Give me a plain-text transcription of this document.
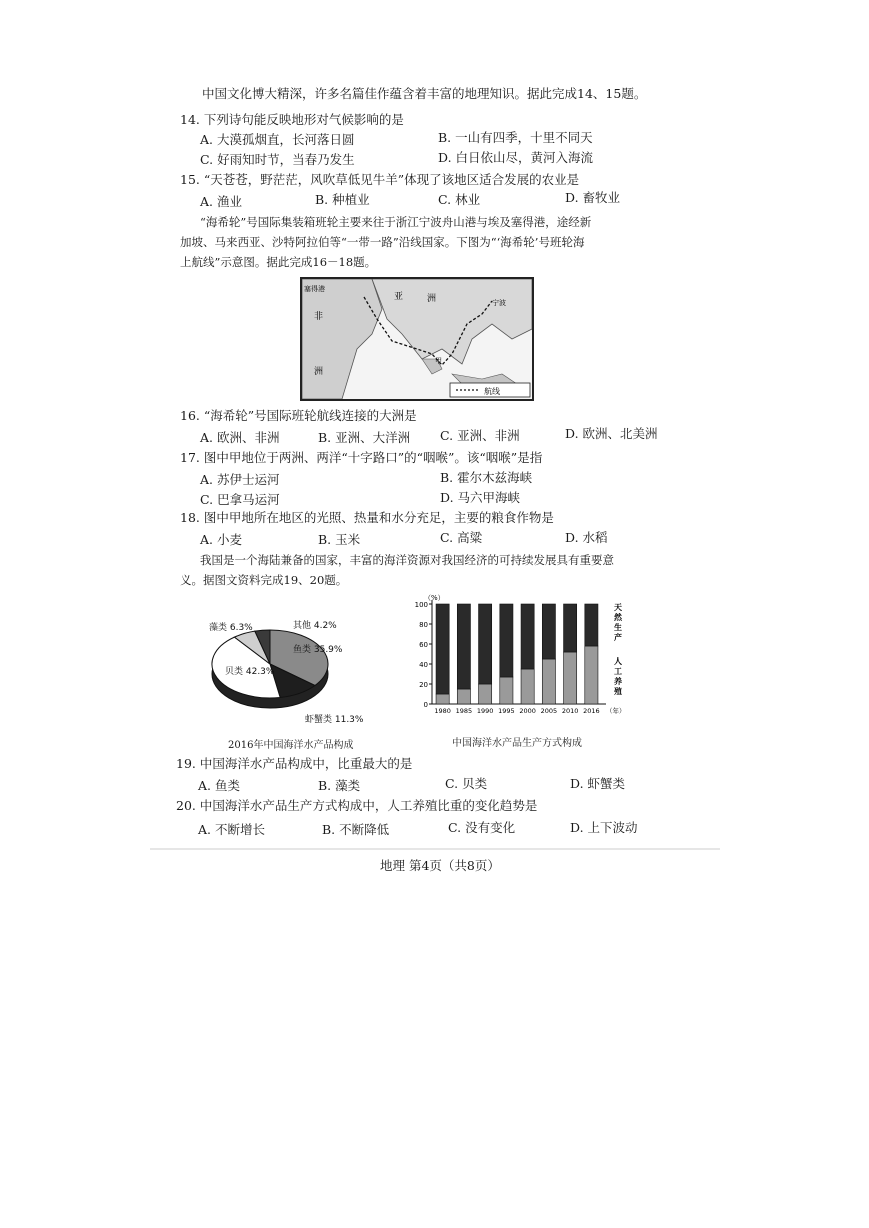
中国文化博大精深，许多名篇佳作蕴含着丰富的地理知识。据此完成14、15题。
14. 下列诗句能反映地形对气候影响的是
A. 大漠孤烟直，长河落日圆	B. 一山有四季，十里不同天
C. 好雨知时节，当春乃发生	D. 白日依山尽，黄河入海流
15. “天苍苍，野茫茫，风吹草低见牛羊”体现了该地区适合发展的农业是
A. 渔业	B. 种植业	C. 林业	D. 畜牧业
“海希轮”号国际集装箱班轮主要来往于浙江宁波舟山港与埃及塞得港，途经新
加坡、马来西亚、沙特阿拉伯等“一带一路”沿线国家。下图为“‘海希轮’号班轮海
上航线”示意图。据此完成16－18题。
航线
塞得港
亚	洲
非
洲
宁波
甲
16. “海希轮”号国际班轮航线连接的大洲是
A. 欧洲、非洲	B. 亚洲、大洋洲 C. 亚洲、非洲	D. 欧洲、北美洲
17. 图中甲地位于两洲、两洋“十字路口”的“咽喉”。该“咽喉”是指
A. 苏伊士运河	B. 霍尔木兹海峡
C. 巴拿马运河	D. 马六甲海峡
18. 图中甲地所在地区的光照、热量和水分充足，主要的粮食作物是
A. 小麦	B. 玉米	C. 高粱	D. 水稻
我国是一个海陆兼备的国家，丰富的海洋资源对我国经济的可持续发展具有重要意
义。据图文资料完成19、20题。
鱼类 35.9%
虾蟹类 11.3%
贝类 42.3%
藻类 6.3%	其他 4.2%
2016年中国海洋水产品构成
0
20
40
60
80
100
（%）
1980 1985 1990 1995 2000 2005 2010 2016 （年）
天
然
生
产
人
工
养
殖
中国海洋水产品生产方式构成
19. 中国海洋水产品构成中，比重最大的是
A. 鱼类	B. 藻类	C. 贝类	D. 虾蟹类
20. 中国海洋水产品生产方式构成中，人工养殖比重的变化趋势是
A. 不断增长	B. 不断降低	C. 没有变化	D. 上下波动
地理 第4页（共8页）
